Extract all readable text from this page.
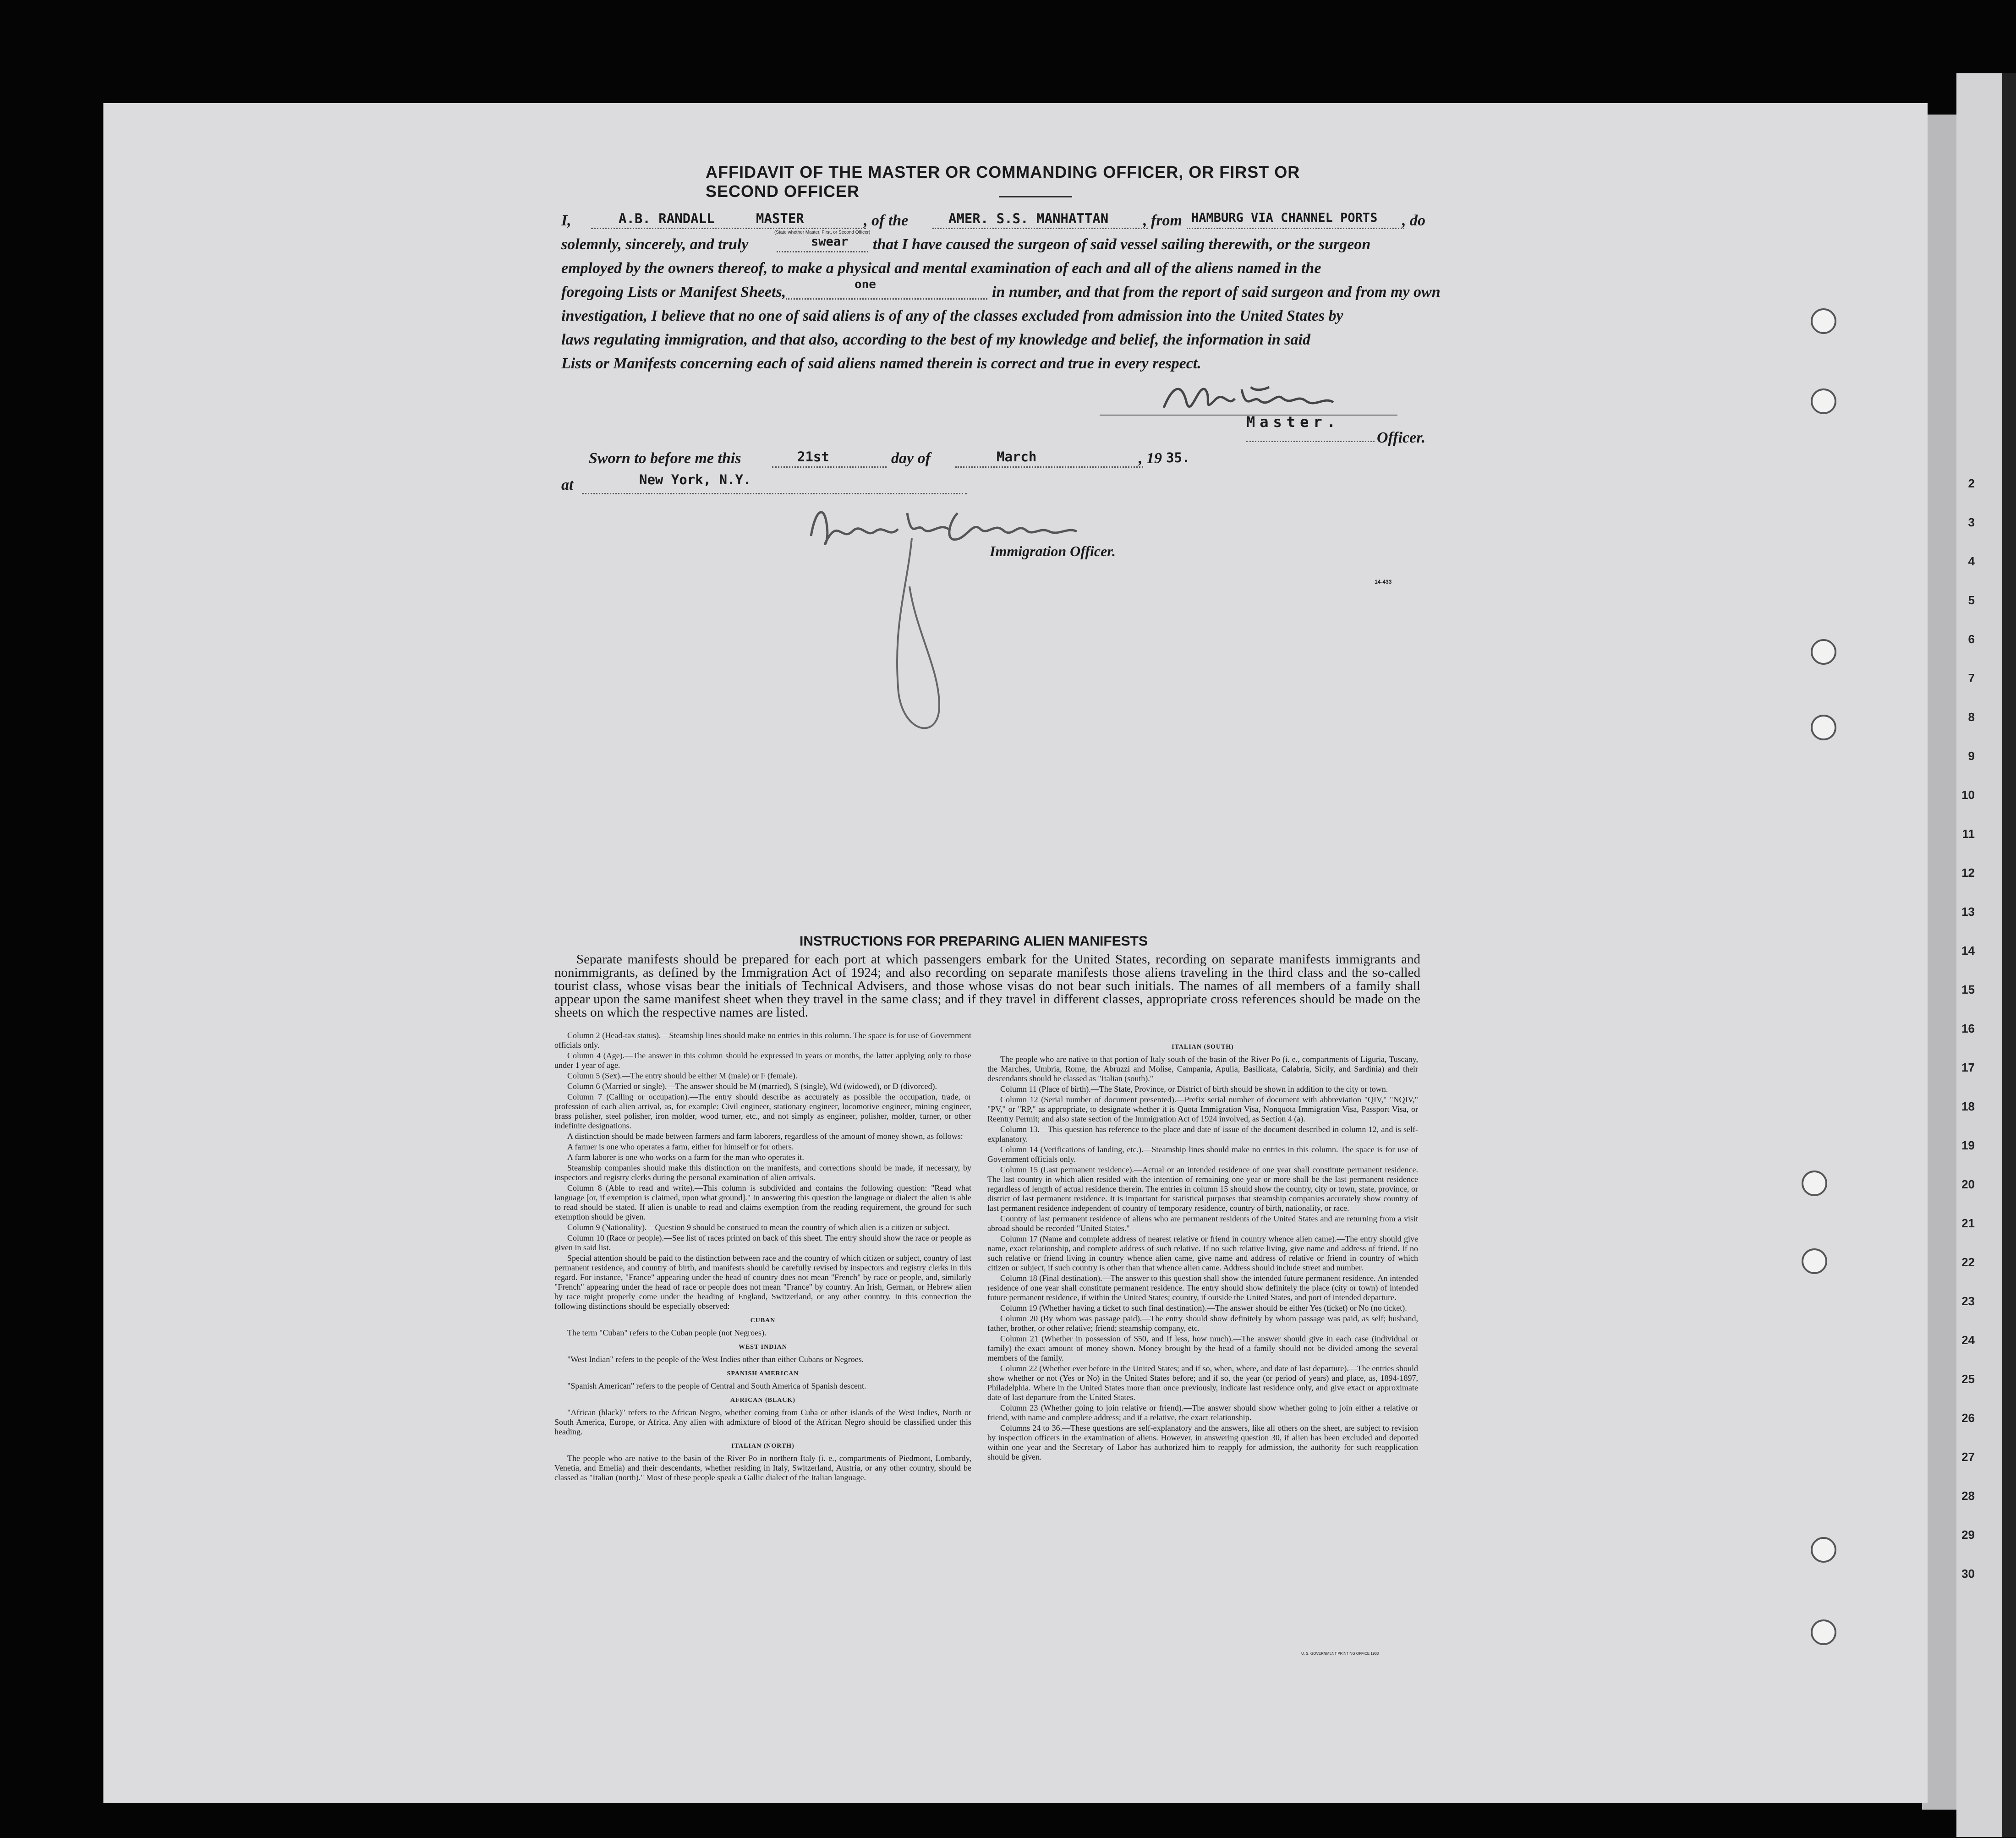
2
3
4
5
6
7
8
9
10
11
12
13
14
15
16
17
18
19
20
21
22
23
24
25
26
27
28
29
30
AFFIDAVIT OF THE MASTER OR COMMANDING OFFICER, OR FIRST OR SECOND OFFICER
I,	A.B. RANDALL	MASTER
(State whether Master, First, or Second Officer)
, of the	AMER. S.S. MANHATTAN , from HAMBURG VIA CHANNEL PORTS , do
solemnly, sincerely, and truly	swear that I have caused the surgeon of said vessel sailing therewith, or the surgeon
employed by the owners thereof, to make a physical and mental examination of each and all of the aliens named in the
foregoing Lists or Manifest Sheets,	one	in number, and that from the report of said surgeon and from my own
investigation, I believe that no one of said aliens is of any of the classes excluded from admission into the United States by
laws regulating immigration, and that also, according to the best of my knowledge and belief, the information in said
Lists or Manifests concerning each of said aliens named therein is correct and true in every respect.
Master.
Officer.
Sworn to before me this	21st	day of	March	, 19 35.
at	New York, N.Y.
Immigration Officer.
14-433
INSTRUCTIONS FOR PREPARING ALIEN MANIFESTS
Separate manifests should be prepared for each port at which passengers embark for the United States, recording on separate manifests immigrants and nonimmigrants, as defined by the Immigration Act of 1924; and also recording on separate manifests those aliens traveling in the third class and the so-called tourist class, whose visas bear the initials of Technical Advisers, and those whose visas do not bear such initials. The names of all members of a family shall appear upon the same manifest sheet when they travel in the same class; and if they travel in different classes, appropriate cross references should be made on the sheets on which the respective names are listed.

Column 2 (Head-tax status).—Steamship lines should make no entries in this column. The space is for use of Government officials only.

Column 4 (Age).—The answer in this column should be expressed in years or months, the latter applying only to those under 1 year of age.

Column 5 (Sex).—The entry should be either M (male) or F (female).

Column 6 (Married or single).—The answer should be M (married), S (single), Wd (widowed), or D (divorced).

Column 7 (Calling or occupation).—The entry should describe as accurately as possible the occupation, trade, or profession of each alien arrival, as, for example: Civil engineer, stationary engineer, locomotive engineer, mining engineer, brass polisher, steel polisher, iron molder, wood turner, etc., and not simply as engineer, polisher, molder, turner, or other indefinite designations.

A distinction should be made between farmers and farm laborers, regardless of the amount of money shown, as follows:

A farmer is one who operates a farm, either for himself or for others.

A farm laborer is one who works on a farm for the man who operates it.

Steamship companies should make this distinction on the manifests, and corrections should be made, if necessary, by inspectors and registry clerks during the personal examination of alien arrivals.

Column 8 (Able to read and write).—This column is subdivided and contains the following question: "Read what language [or, if exemption is claimed, upon what ground]." In answering this question the language or dialect the alien is able to read should be stated. If alien is unable to read and claims exemption from the reading requirement, the ground for such exemption should be given.

Column 9 (Nationality).—Question 9 should be construed to mean the country of which alien is a citizen or subject.

Column 10 (Race or people).—See list of races printed on back of this sheet. The entry should show the race or people as given in said list.

Special attention should be paid to the distinction between race and the country of which citizen or subject, country of last permanent residence, and country of birth, and manifests should be carefully revised by inspectors and registry clerks in this regard. For instance, "France" appearing under the head of country does not mean "French" by race or people, and, similarly "French" appearing under the head of race or people does not mean "France" by country. An Irish, German, or Hebrew alien by race might properly come under the heading of England, Switzerland, or any other country. In this connection the following distinctions should be especially observed:

CUBAN

The term "Cuban" refers to the Cuban people (not Negroes).

WEST INDIAN

"West Indian" refers to the people of the West Indies other than either Cubans or Negroes.

SPANISH AMERICAN

"Spanish American" refers to the people of Central and South America of Spanish descent.

AFRICAN (BLACK)

"African (black)" refers to the African Negro, whether coming from Cuba or other islands of the West Indies, North or South America, Europe, or Africa. Any alien with admixture of blood of the African Negro should be classified under this heading.

ITALIAN (NORTH)

The people who are native to the basin of the River Po in northern Italy (i. e., compartments of Piedmont, Lombardy, Venetia, and Emelia) and their descendants, whether residing in Italy, Switzerland, Austria, or any other country, should be classed as "Italian (north)." Most of these people speak a Gallic dialect of the Italian language.

ITALIAN (SOUTH)

The people who are native to that portion of Italy south of the basin of the River Po (i. e., compartments of Liguria, Tuscany, the Marches, Umbria, Rome, the Abruzzi and Molise, Campania, Apulia, Basilicata, Calabria, Sicily, and Sardinia) and their descendants should be classed as "Italian (south)."

Column 11 (Place of birth).—The State, Province, or District of birth should be shown in addition to the city or town.

Column 12 (Serial number of document presented).—Prefix serial number of document with abbreviation "QIV," "NQIV," "PV," or "RP," as appropriate, to designate whether it is Quota Immigration Visa, Nonquota Immigration Visa, Passport Visa, or Reentry Permit; and also state section of the Immigration Act of 1924 involved, as Section 4 (a).

Column 13.—This question has reference to the place and date of issue of the document described in column 12, and is self-explanatory.

Column 14 (Verifications of landing, etc.).—Steamship lines should make no entries in this column. The space is for use of Government officials only.

Column 15 (Last permanent residence).—Actual or an intended residence of one year shall constitute permanent residence. The last country in which alien resided with the intention of remaining one year or more shall be the last permanent residence regardless of length of actual residence therein. The entries in column 15 should show the country, city or town, state, province, or district of last permanent residence. It is important for statistical purposes that steamship companies accurately show country of last permanent residence independent of country of temporary residence, country of birth, nationality, or race.

Country of last permanent residence of aliens who are permanent residents of the United States and are returning from a visit abroad should be recorded "United States."

Column 17 (Name and complete address of nearest relative or friend in country whence alien came).—The entry should give name, exact relationship, and complete address of such relative. If no such relative living, give name and address of friend. If no such relative or friend living in country whence alien came, give name and address of relative or friend in country of which citizen or subject, if such country is other than that whence alien came. Address should include street and number.

Column 18 (Final destination).—The answer to this question shall show the intended future permanent residence. An intended residence of one year shall constitute permanent residence. The entry should show definitely the place (city or town) of intended future permanent residence, if within the United States; country, if outside the United States, and port of intended departure.

Column 19 (Whether having a ticket to such final destination).—The answer should be either Yes (ticket) or No (no ticket).

Column 20 (By whom was passage paid).—The entry should show definitely by whom passage was paid, as self; husband, father, brother, or other relative; friend; steamship company, etc.

Column 21 (Whether in possession of $50, and if less, how much).—The answer should give in each case (individual or family) the exact amount of money shown. Money brought by the head of a family should not be divided among the several members of the family.

Column 22 (Whether ever before in the United States; and if so, when, where, and date of last departure).—The entries should show whether or not (Yes or No) in the United States before; and if so, the year (or period of years) and place, as, 1894-1897, Philadelphia. Where in the United States more than once previously, indicate last residence only, and give exact or approximate date of last departure from the United States.

Column 23 (Whether going to join relative or friend).—The answer should show whether going to join either a relative or friend, with name and complete address; and if a relative, the exact relationship.

Columns 24 to 36.—These questions are self-explanatory and the answers, like all others on the sheet, are subject to revision by inspection officers in the examination of aliens. However, in answering question 30, if alien has been excluded and deported within one year and the Secretary of Labor has authorized him to reapply for admission, the authority for such reapplication should be given.

U. S. GOVERNMENT PRINTING OFFICE 1933
